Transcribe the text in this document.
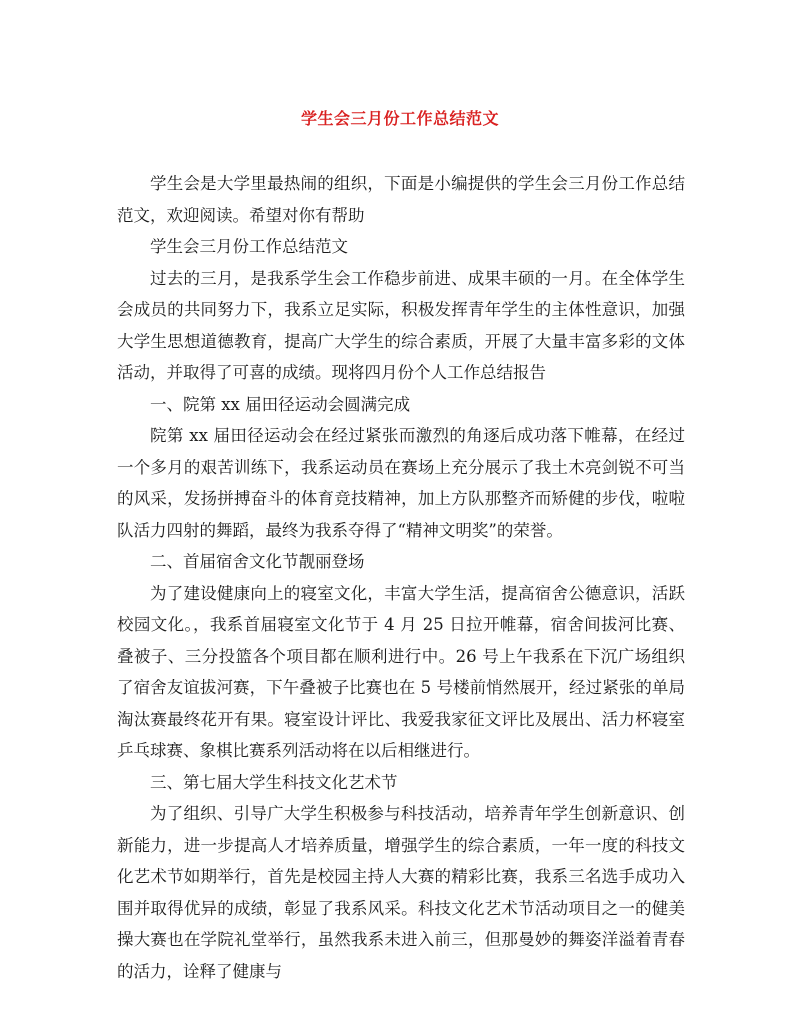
学生会三月份工作总结范文

学生会是大学里最热闹的组织，下面是小编提供的学生会三月份工作总结范文，欢迎阅读。希望对你有帮助

学生会三月份工作总结范文

过去的三月，是我系学生会工作稳步前进、成果丰硕的一月。在全体学生会成员的共同努力下，我系立足实际，积极发挥青年学生的主体性意识，加强大学生思想道德教育，提高广大学生的综合素质，开展了大量丰富多彩的文体活动，并取得了可喜的成绩。现将四月份个人工作总结报告

一、院第 xx 届田径运动会圆满完成

院第 xx 届田径运动会在经过紧张而激烈的角逐后成功落下帷幕，在经过一个多月的艰苦训练下，我系运动员在赛场上充分展示了我土木亮剑锐不可当的风采，发扬拼搏奋斗的体育竞技精神，加上方队那整齐而矫健的步伐，啦啦队活力四射的舞蹈，最终为我系夺得了“精神文明奖”的荣誉。

二、首届宿舍文化节靓丽登场

为了建设健康向上的寝室文化，丰富大学生活，提高宿舍公德意识，活跃校园文化。，我系首届寝室文化节于 4 月 25 日拉开帷幕，宿舍间拔河比赛、叠被子、三分投篮各个项目都在顺利进行中。26 号上午我系在下沉广场组织了宿舍友谊拔河赛，下午叠被子比赛也在 5 号楼前悄然展开，经过紧张的单局淘汰赛最终花开有果。寝室设计评比、我爱我家征文评比及展出、活力杯寝室乒乓球赛、象棋比赛系列活动将在以后相继进行。

三、第七届大学生科技文化艺术节

为了组织、引导广大学生积极参与科技活动，培养青年学生创新意识、创新能力，进一步提高人才培养质量，增强学生的综合素质，一年一度的科技文化艺术节如期举行，首先是校园主持人大赛的精彩比赛，我系三名选手成功入围并取得优异的成绩，彰显了我系风采。科技文化艺术节活动项目之一的健美操大赛也在学院礼堂举行，虽然我系未进入前三，但那曼妙的舞姿洋溢着青春的活力，诠释了健康与
